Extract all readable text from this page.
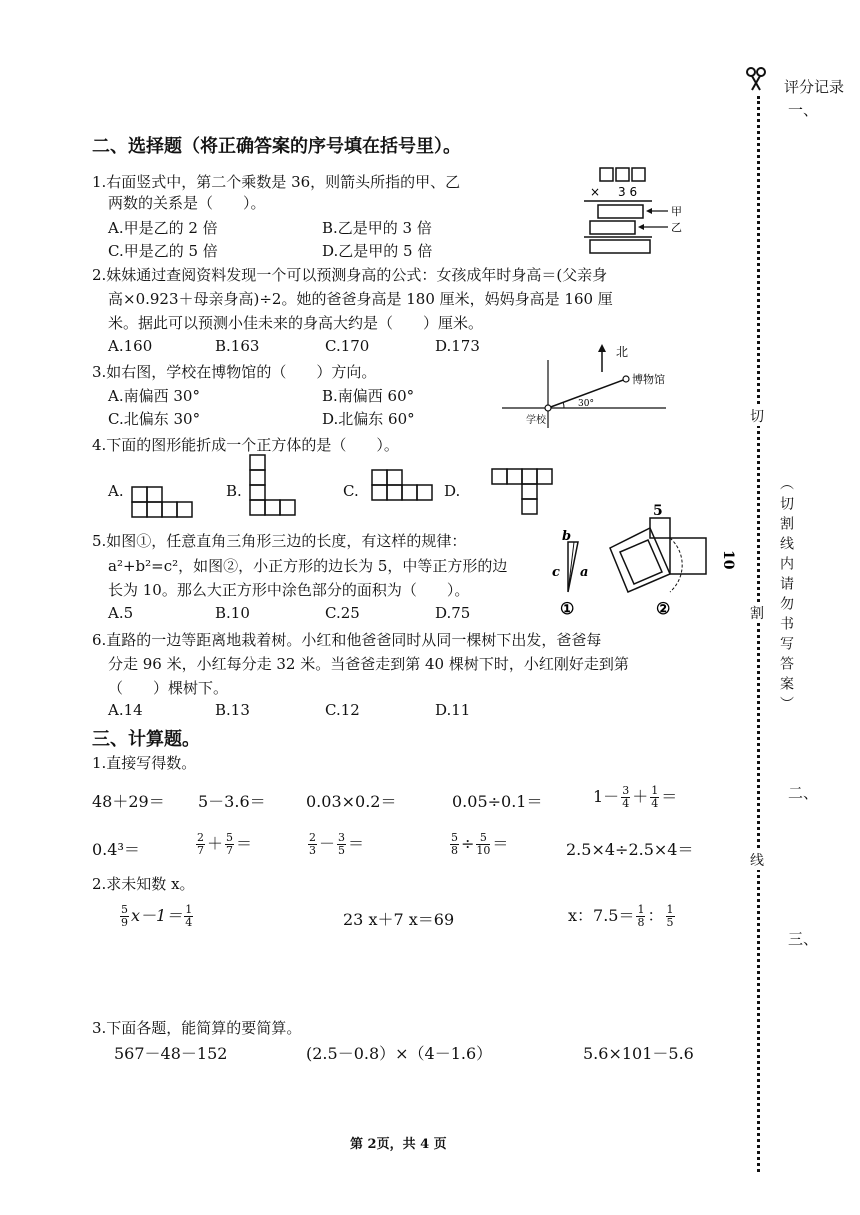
二、选择题（将正确答案的序号填在括号里）。
1.右面竖式中，第二个乘数是 36，则箭头所指的甲、乙
两数的关系是（　　）。
A.甲是乙的 2 倍	B.乙是甲的 3 倍
C.甲是乙的 5 倍	D.乙是甲的 5 倍
× 3 6
甲
乙
2.妹妹通过查阅资料发现一个可以预测身高的公式：女孩成年时身高＝(父亲身
高×0.923＋母亲身高)÷2。她的爸爸身高是 180 厘米，妈妈身高是 160 厘
米。据此可以预测小佳未来的身高大约是（　　）厘米。
A.160	B.163	C.170	D.173
3.如右图，学校在博物馆的（　　）方向。
A.南偏西 30°	B.南偏西 60°
C.北偏东 30°	D.北偏东 60°
北
博物馆
学校
30°
4.下面的图形能折成一个正方体的是（　　）。
A.	B.	C.	D.
5.如图①，任意直角三角形三边的长度，有这样的规律：
a²+b²=c²，如图②，小正方形的边长为 5，中等正方形的边
长为 10。那么大正方形中涂色部分的面积为（　　）。
A.5	B.10	C.25	D.75
b
c a
①
5
10
②
6.直路的一边等距离地栽着树。小红和他爸爸同时从同一棵树下出发，爸爸每
分走 96 米，小红每分走 32 米。当爸爸走到第 40 棵树下时，小红刚好走到第
（　　）棵树下。
A.14	B.13	C.12	D.11
三、计算题。
1.直接写得数。
48＋29＝ 5－3.6＝	0.03×0.2＝	0.05÷0.1＝	$1- \frac{3}{4} + \frac{1}{4}$ ＝
0.4³＝	$\frac{2}{7} + \frac{5}{7}$ ＝	$\frac{2}{3} - \frac{3}{5}$ ＝	$\frac{5}{8} \div \frac{5}{10}$ ＝	2.5×4÷2.5×4＝
2.求未知数 x。
$\frac{5}{9} x-1= \frac{1}{4}$	23 x＋7 x＝69	x：$7.5= \frac{1}{8}$ ： $\frac{1}{5}$
3.下面各题，能简算的要简算。
567－48－152	(2.5－0.8）×（4－1.6）	5.6×101－5.6
第 2页，共 4 页
评分记录
一、
二、
三、
切
割
线
（切割线内请勿书写答案）
